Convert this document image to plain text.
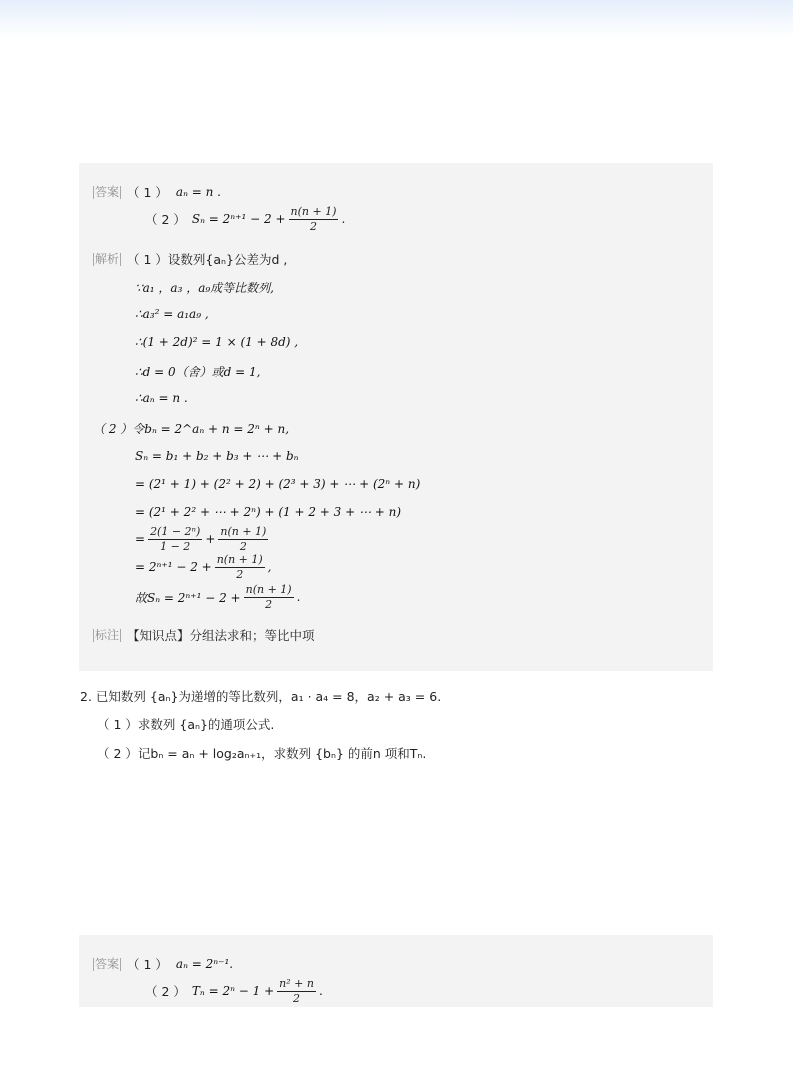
答案 （ 1 ） aₙ = n .
（ 2 ） $S_n = 2^{n+1} - 2 + \frac{n(n + 1)}{2}$ .
解析 （ 1 ）设数列{aₙ}公差为d ,
∵a₁ ，a₃ ，a₉成等比数列,
∴a₃² = a₁a₉ ,
∴(1 + 2d)² = 1 × (1 + 8d) ,
∴d = 0（舍）或d = 1,
∴aₙ = n .
（ 2 ）令bₙ = 2^aₙ + n = 2ⁿ + n,
Sₙ = b₁ + b₂ + b₃ + ⋯ + bₙ
= (2¹ + 1) + (2² + 2) + (2³ + 3) + ⋯ + (2ⁿ + n)
= (2¹ + 2² + ⋯ + 2ⁿ) + (1 + 2 + 3 + ⋯ + n)
= $\frac{\text{2(1 − 2ⁿ)}}{1 - 2} + \frac{n(n + 1)}{2}$
= $2^{n+1} - 2 + \frac{n(n + 1)}{2}$ ,
故$S_n = 2^{n+1} - 2 + \frac{n(n + 1)}{2}$ .
标注 【知识点】分组法求和；等比中项
2. 已知数列 {aₙ}为递增的等比数列，a₁ · a₄ = 8，a₂ + a₃ = 6.
（ 1 ）求数列 {aₙ}的通项公式.
（ 2 ）记bₙ = aₙ + log₂aₙ₊₁，求数列 {bₙ} 的前n 项和Tₙ.
答案 （ 1 ） aₙ = 2ⁿ⁻¹.
（ 2 ） $T_n = 2^n - 1 + \frac{\text{n² + n}}{2}$ .
